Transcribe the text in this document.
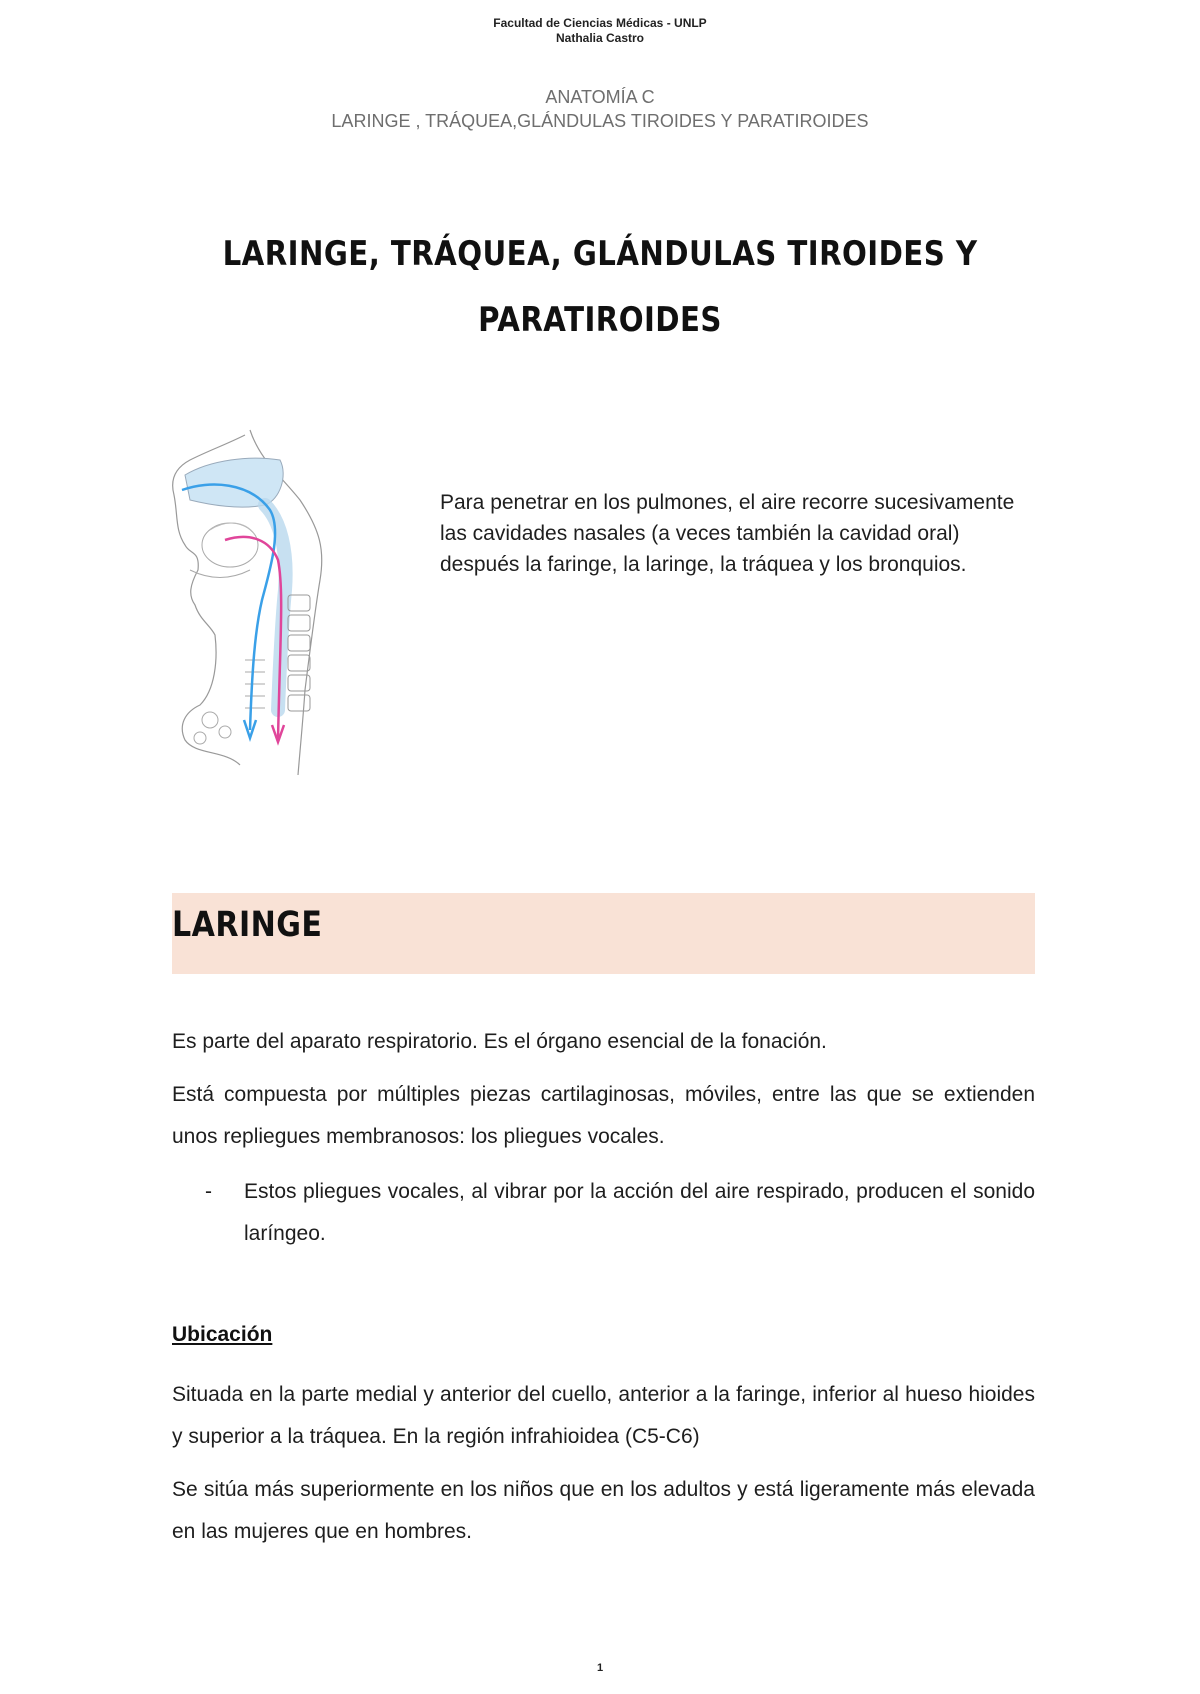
Facultad de Ciencias Médicas - UNLP
Nathalia Castro
ANATOMÍA C
LARINGE , TRÁQUEA,GLÁNDULAS TIROIDES Y PARATIROIDES
LARINGE, TRÁQUEA, GLÁNDULAS TIROIDES Y
PARATIROIDES
Para penetrar en los pulmones, el aire recorre sucesivamente las cavidades nasales (a veces también la cavidad oral) después la faringe, la laringe, la tráquea y los bronquios.
LARINGE
Es parte del aparato respiratorio. Es el órgano esencial de la fonación.
Está compuesta por múltiples piezas cartilaginosas, móviles, entre las que se extienden unos repliegues membranosos: los pliegues vocales.
- Estos pliegues vocales, al vibrar por la acción del aire respirado, producen el sonido laríngeo.
Ubicación
Situada en la parte medial y anterior del cuello, anterior a la faringe, inferior al hueso hioides y superior a la tráquea. En la región infrahioidea (C5-C6)
Se sitúa más superiormente en los niños que en los adultos y está ligeramente más elevada en las mujeres que en hombres.
1
